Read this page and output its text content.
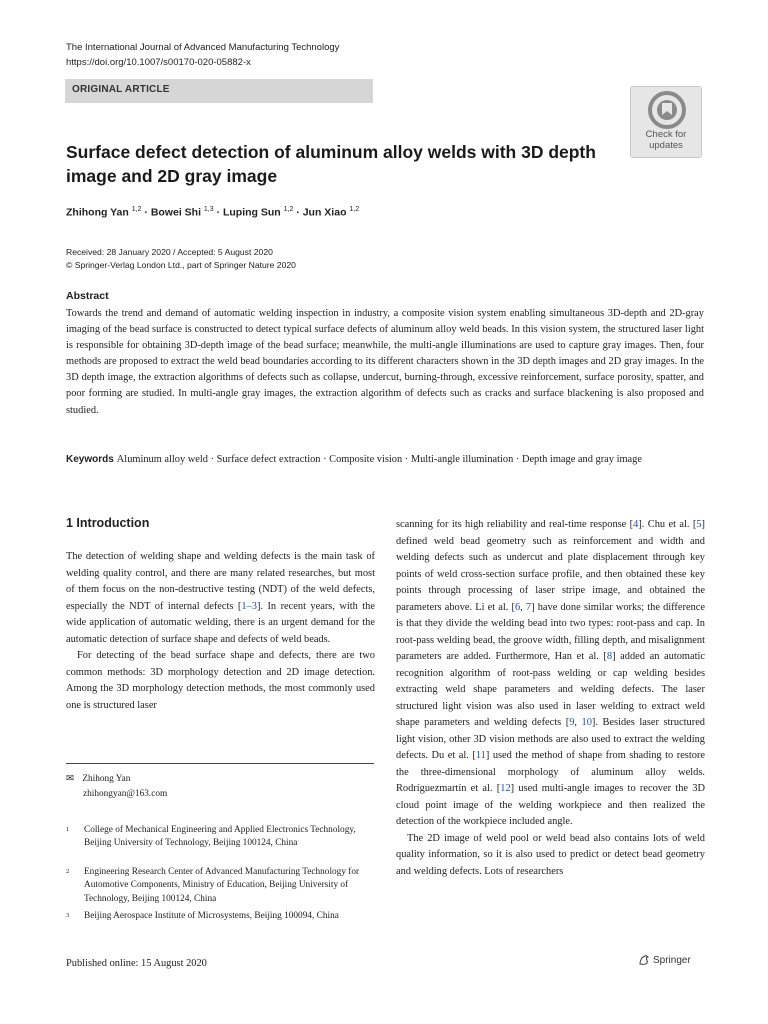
The International Journal of Advanced Manufacturing Technology
https://doi.org/10.1007/s00170-020-05882-x
ORIGINAL ARTICLE
Check for
updates
Surface defect detection of aluminum alloy welds with 3D depth image and 2D gray image
Zhihong Yan $^{1,2}$ · Bowei Shi $^{1,3}$ · Luping Sun $^{1,2}$ · Jun Xiao $^{1,2}$
Received: 28 January 2020 / Accepted: 5 August 2020
© Springer-Verlag London Ltd., part of Springer Nature 2020
Abstract
Towards the trend and demand of automatic welding inspection in industry, a composite vision system enabling simultaneous 3D-depth and 2D-gray imaging of the bead surface is constructed to detect typical surface defects of aluminum alloy weld beads. In this vision system, the structured laser light is responsible for obtaining 3D-depth image of the bead surface; meanwhile, the multi-angle illuminations are used to capture gray images. Then, four methods are proposed to extract the weld bead boundaries according to its different characters shown in the 3D depth images and 2D gray images. In the 3D depth image, the extraction algorithms of defects such as collapse, undercut, burning-through, excessive reinforcement, surface porosity, spatter, and poor forming are studied. In multi-angle gray images, the extraction algorithm of defects such as cracks and surface blackening is also proposed and studied.
Keywords Aluminum alloy weld · Surface defect extraction · Composite vision · Multi-angle illumination · Depth image and gray image
1 Introduction

The detection of welding shape and welding defects is the main task of welding quality control, and there are many related researches, but most of them focus on the non-destructive testing (NDT) of the weld defects, especially the NDT of internal defects [1–3]. In recent years, with the wide application of automatic welding, there is an urgent demand for the automatic detection of surface shape and defects of weld beads.

For detecting of the bead surface shape and defects, there are two common methods: 3D morphology detection and 2D image detection. Among the 3D morphology detection methods, the most commonly used one is structured laser

scanning for its high reliability and real-time response [4]. Chu et al. [5] defined weld bead geometry such as reinforcement and width and welding defects such as undercut and plate displacement through key points of weld cross-section surface profile, and then obtained these key points through processing of laser stripe image, and obtained the parameters above. Li et al. [6, 7] have done similar works; the difference is that they divide the welding bead into two types: root-pass and cap. In root-pass welding bead, the groove width, filling depth, and misalignment parameters are added. Furthermore, Han et al. [8] added an automatic recognition algorithm of root-pass welding or cap welding besides extracting weld shape parameters and welding defects. The laser structured light vision was also used in laser welding to extract weld shape parameters and welding defects [9, 10]. Besides laser structured light vision, other 3D vision methods are also used to extract the welding defects. Du et al. [11] used the method of shape from shading to restore the three-dimensional morphology of aluminum alloy welds. Rodríguezmartín et al. [12] used multi-angle images to recover the 3D cloud point image of the welding workpiece and then realized the detection of the workpiece included angle.

The 2D image of weld pool or weld bead also contains lots of weld quality information, so it is also used to predict or detect bead geometry and welding defects. Lots of researchers

✉ Zhihong Yan
zhihongyan@163.com
1 College of Mechanical Engineering and Applied Electronics Technology, Beijing University of Technology, Beijing 100124, China
2 Engineering Research Center of Advanced Manufacturing Technology for Automotive Components, Ministry of Education, Beijing University of Technology, Beijing 100124, China
3 Beijing Aerospace Institute of Microsystems, Beijing 100094, China
Published online: 15 August 2020	Springer
